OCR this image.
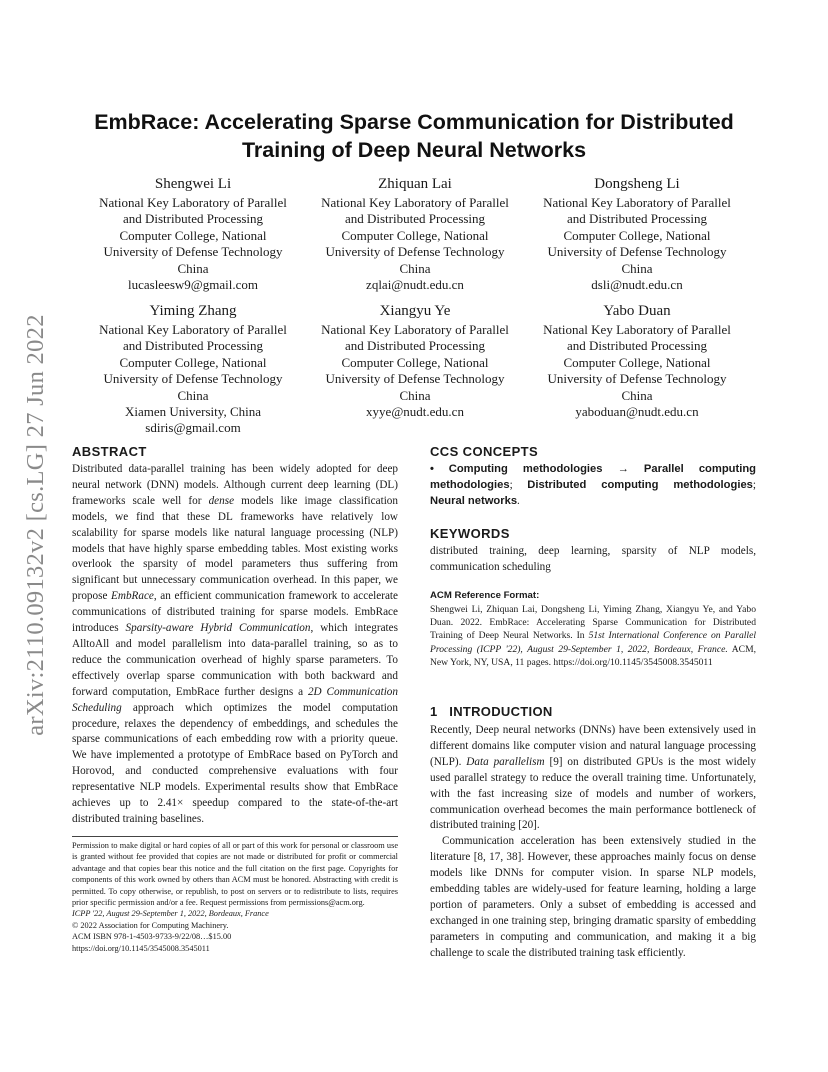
arXiv:2110.09132v2 [cs.LG] 27 Jun 2022
EmbRace: Accelerating Sparse Communication for Distributed
Training of Deep Neural Networks
Shengwei Li
National Key Laboratory of Parallel
and Distributed Processing
Computer College, National
University of Defense Technology
China
lucasleesw9@gmail.com
Zhiquan Lai
National Key Laboratory of Parallel
and Distributed Processing
Computer College, National
University of Defense Technology
China
zqlai@nudt.edu.cn
Dongsheng Li
National Key Laboratory of Parallel
and Distributed Processing
Computer College, National
University of Defense Technology
China
dsli@nudt.edu.cn
Yiming Zhang
National Key Laboratory of Parallel
and Distributed Processing
Computer College, National
University of Defense Technology
China
Xiamen University, China
sdiris@gmail.com
Xiangyu Ye
National Key Laboratory of Parallel
and Distributed Processing
Computer College, National
University of Defense Technology
China
xyye@nudt.edu.cn
Yabo Duan
National Key Laboratory of Parallel
and Distributed Processing
Computer College, National
University of Defense Technology
China
yaboduan@nudt.edu.cn
ABSTRACT

Distributed data-parallel training has been widely adopted for deep neural network (DNN) models. Although current deep learning (DL) frameworks scale well for dense models like image classification models, we find that these DL frameworks have relatively low scalability for sparse models like natural language processing (NLP) models that have highly sparse embedding tables. Most existing works overlook the sparsity of model parameters thus suffering from significant but unnecessary communication overhead. In this paper, we propose EmbRace, an efficient communication framework to accelerate communications of distributed training for sparse models. EmbRace introduces Sparsity-aware Hybrid Communication, which integrates AlltoAll and model parallelism into data-parallel training, so as to reduce the communication overhead of highly sparse parameters. To effectively overlap sparse communication with both backward and forward computation, EmbRace further designs a 2D Communication Scheduling approach which optimizes the model computation procedure, relaxes the dependency of embeddings, and schedules the sparse communications of each embedding row with a priority queue. We have implemented a prototype of EmbRace based on PyTorch and Horovod, and conducted comprehensive evaluations with four representative NLP models. Experimental results show that EmbRace achieves up to 2.41× speedup compared to the state-of-the-art distributed training baselines.

Permission to make digital or hard copies of all or part of this work for personal or classroom use is granted without fee provided that copies are not made or distributed for profit or commercial advantage and that copies bear this notice and the full citation on the first page. Copyrights for components of this work owned by others than ACM must be honored. Abstracting with credit is permitted. To copy otherwise, or republish, to post on servers or to redistribute to lists, requires prior specific permission and/or a fee. Request permissions from permissions@acm.org.
ICPP '22, August 29-September 1, 2022, Bordeaux, France
© 2022 Association for Computing Machinery.
ACM ISBN 978-1-4503-9733-9/22/08…$15.00
https://doi.org/10.1145/3545008.3545011
CCS CONCEPTS

• Computing methodologies → Parallel computing methodologies; Distributed computing methodologies; Neural networks.

KEYWORDS
distributed training, deep learning, sparsity of NLP models, communication scheduling
ACM Reference Format:

Shengwei Li, Zhiquan Lai, Dongsheng Li, Yiming Zhang, Xiangyu Ye, and Yabo Duan. 2022. EmbRace: Accelerating Sparse Communication for Distributed Training of Deep Neural Networks. In 51st International Conference on Parallel Processing (ICPP '22), August 29-September 1, 2022, Bordeaux, France. ACM, New York, NY, USA, 11 pages. https://doi.org/10.1145/3545008.3545011

1 INTRODUCTION

Recently, Deep neural networks (DNNs) have been extensively used in different domains like computer vision and natural language processing (NLP). Data parallelism [9] on distributed GPUs is the most widely used parallel strategy to reduce the overall training time. Unfortunately, with the fast increasing size of models and number of workers, communication overhead becomes the main performance bottleneck of distributed training [20].

Communication acceleration has been extensively studied in the literature [8, 17, 38]. However, these approaches mainly focus on dense models like DNNs for computer vision. In sparse NLP models, embedding tables are widely-used for feature learning, holding a large portion of parameters. Only a subset of embedding is accessed and exchanged in one training step, bringing dramatic sparsity of embedding parameters in computing and communication, and making it a big challenge to scale the distributed training task efficiently.
